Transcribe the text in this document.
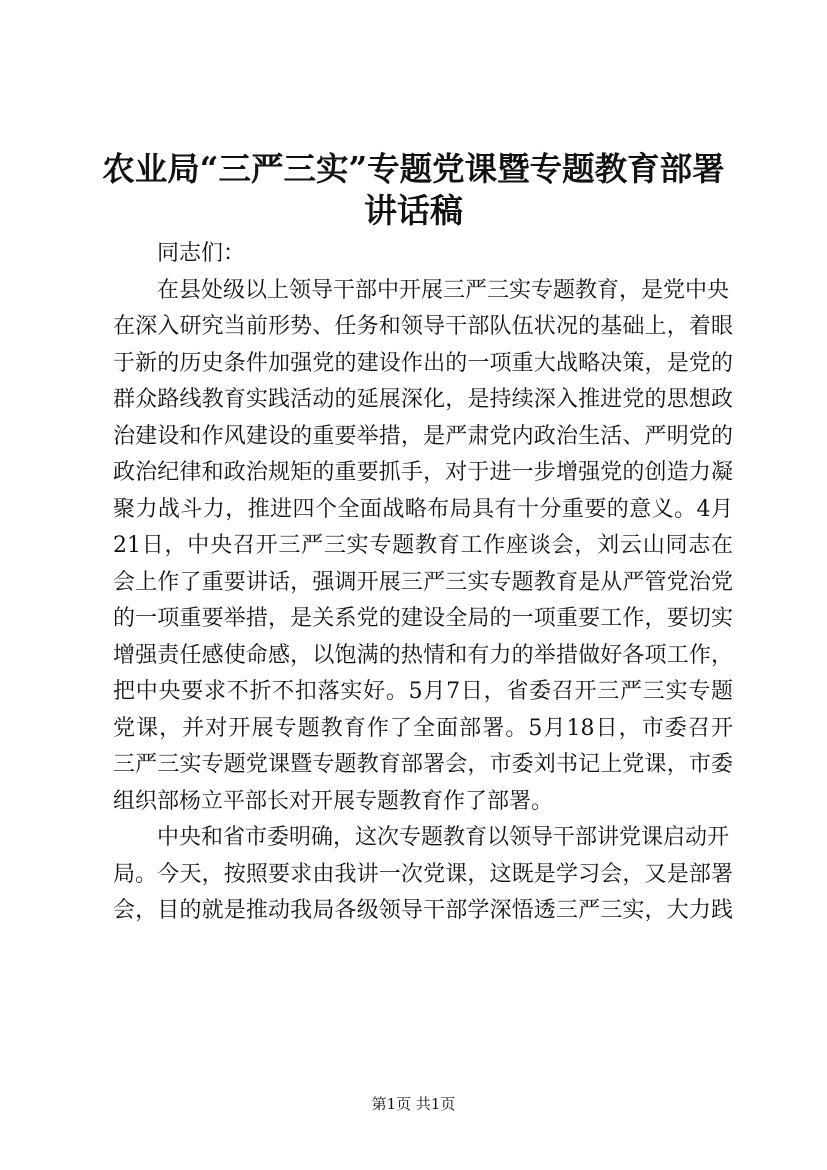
农业局“三严三实”专题党课暨专题教育部署
讲话稿
同志们：
在县处级以上领导干部中开展三严三实专题教育，是党中央
在深入研究当前形势、任务和领导干部队伍状况的基础上，着眼
于新的历史条件加强党的建设作出的一项重大战略决策，是党的
群众路线教育实践活动的延展深化，是持续深入推进党的思想政
治建设和作风建设的重要举措，是严肃党内政治生活、严明党的
政治纪律和政治规矩的重要抓手，对于进一步增强党的创造力凝
聚力战斗力，推进四个全面战略布局具有十分重要的意义。4月
21日，中央召开三严三实专题教育工作座谈会，刘云山同志在
会上作了重要讲话，强调开展三严三实专题教育是从严管党治党
的一项重要举措，是关系党的建设全局的一项重要工作，要切实
增强责任感使命感，以饱满的热情和有力的举措做好各项工作，
把中央要求不折不扣落实好。5月7日，省委召开三严三实专题
党课，并对开展专题教育作了全面部署。5月18日，市委召开
三严三实专题党课暨专题教育部署会，市委刘书记上党课，市委
组织部杨立平部长对开展专题教育作了部署。
中央和省市委明确，这次专题教育以领导干部讲党课启动开
局。今天，按照要求由我讲一次党课，这既是学习会，又是部署
会，目的就是推动我局各级领导干部学深悟透三严三实，大力践
第1页 共1页
